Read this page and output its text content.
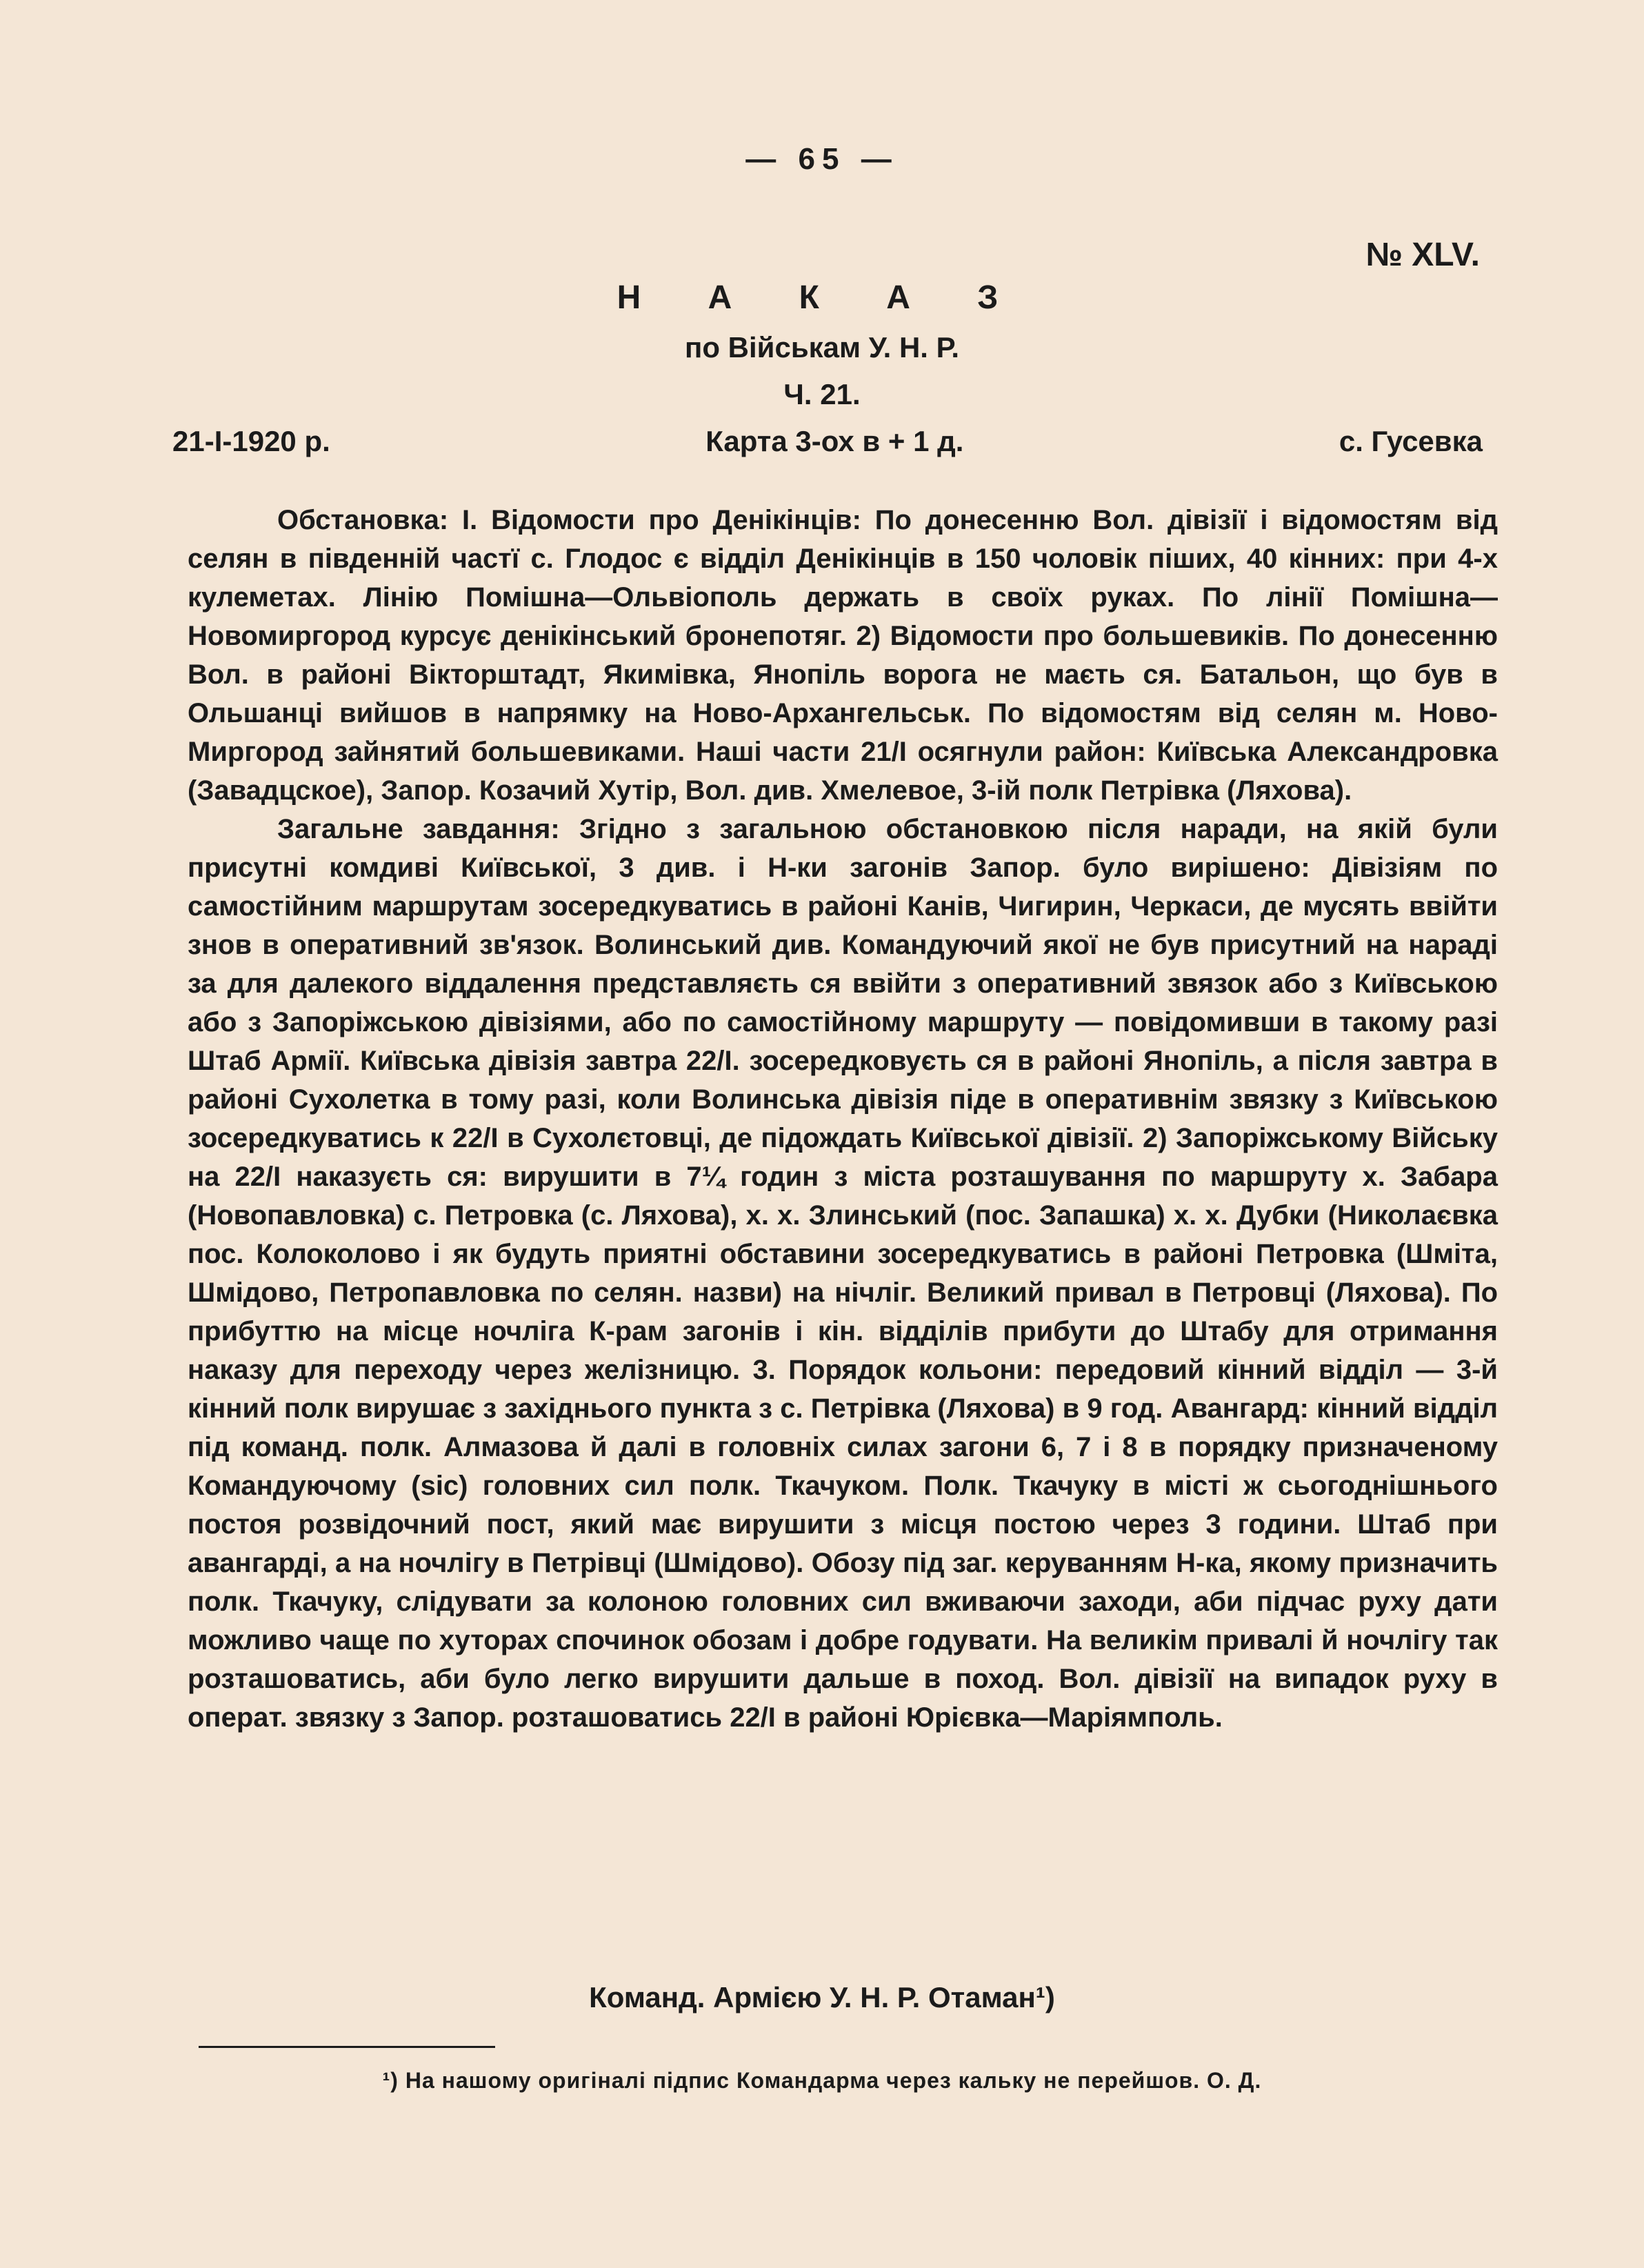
— 65 —
№ XLV.
Н А К А З
по Військам У. Н. Р.
Ч. 21.
21-I-1920 р.	Карта 3-ох в + 1 д.	с. Гусевка

Обстановка: I. Відомости про Денікінців: По донесенню Вол. дівізії і відомостям від селян в південній частї с. Глодос є відділ Денікінців в 150 чоловік піших, 40 кінних: при 4-х кулеметах. Лінію Помішна—Ольвіополь держать в своїх руках. По лінії Помішна—Новомиргород курсує денікінський бронепотяг. 2) Відомости про большевиків. По донесенню Вол. в районі Вікторштадт, Якимівка, Янопіль ворога не маєть ся. Батальон, що був в Ольшанці вийшов в напрямку на Ново-Архангельськ. По відомостям від селян м. Ново-Миргород зайнятий большевиками. Наші части 21/I осягнули район: Київська Александровка (Завадцское), Запор. Козачий Хутір, Вол. див. Хмелевое, 3-ій полк Петрівка (Ляхова).

Загальне завдання: Згідно з загальною обстановкою після наради, на якій були присутні комдиві Київської, 3 див. і Н-ки загонів Запор. було вирішено: Дівізіям по самостійним маршрутам зосередкуватись в районі Канів, Чигирин, Черкаси, де мусять ввійти знов в оперативний зв'язок. Волинський див. Командуючий якої не був присутний на нараді за для далекого віддалення представляєть ся ввійти з оперативний звязок або з Київською або з Запоріжською дівізіями, або по самостійному маршруту — повідомивши в такому разі Штаб Армії. Київська дівізія завтра 22/I. зосередковуєть ся в районі Янопіль, а після завтра в районі Сухолетка в тому разі, коли Волинська дівізія піде в оперативнім звязку з Київською зосередкуватись к 22/I в Сухолєтовці, де підождать Київської дівізії. 2) Запоріжському Війську на 22/I наказуєть ся: вирушити в 7¼ годин з міста розташування по маршруту х. Забара (Новопавловка) с. Петровка (с. Ляхова), х. х. Злинський (пос. Запашка) х. х. Дубки (Николаєвка пос. Колоколово і як будуть приятні обставини зосередкуватись в районі Петровка (Шміта, Шмідово, Петропавловка по селян. назви) на нічліг. Великий привал в Петровці (Ляхова). По прибуттю на місце ночліга К-рам загонів і кін. відділів прибути до Штабу для отримання наказу для переходу через желізницю. 3. Порядок кольони: передовий кінний відділ — 3-й кінний полк вирушає з західнього пункта з с. Петрівка (Ляхова) в 9 год. Авангард: кінний відділ під команд. полк. Алмазова й далі в головніх силах загони 6, 7 і 8 в порядку призначеному Командуючому (sic) головних сил полк. Ткачуком. Полк. Ткачуку в місті ж сьогоднішнього постоя розвідочний пост, який має вирушити з місця постою через 3 години. Штаб при авангарді, а на ночлігу в Петрівці (Шмідово). Обозу під заг. керуванням Н-ка, якому призначить полк. Ткачуку, слідувати за колоною головних сил вживаючи заходи, аби підчас руху дати можливо чаще по хуторах спочинок обозам і добре годувати. На великім привалі й ночлігу так розташоватись, аби було легко вирушити дальше в поход. Вол. дівізії на випадок руху в операт. звязку з Запор. розташоватись 22/I в районі Юрієвка—Маріямполь.

Команд. Армією У. Н. Р. Отаман¹)
¹) На нашому оригіналі підпис Командарма через кальку не перейшов. О. Д.
